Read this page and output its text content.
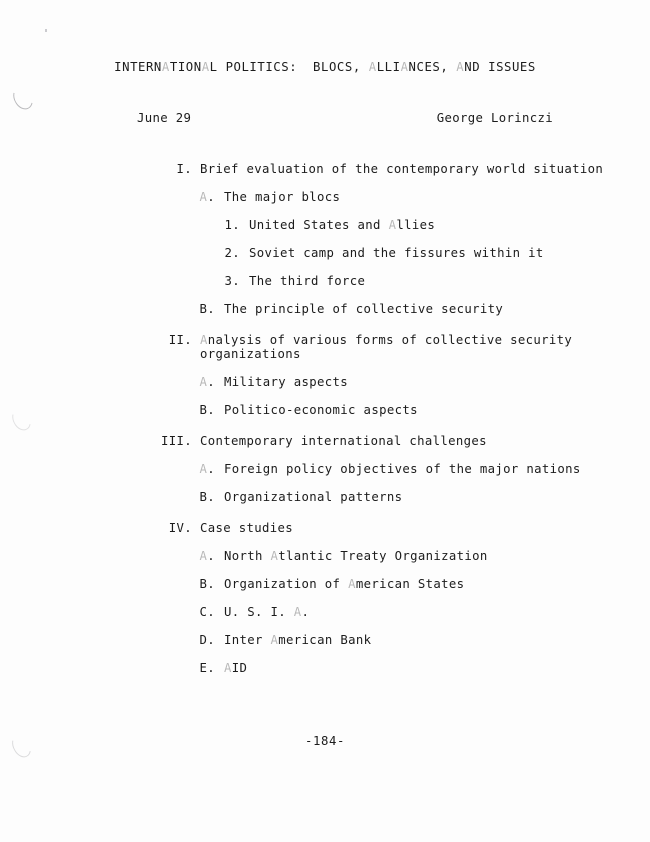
INTERNATIONAL POLITICS:  BLOCS, ALLIANCES, AND ISSUES
June 29	George Lorinczi
I. Brief evaluation of the contemporary world situation
A. The major blocs
1. United States and Allies
2. Soviet camp and the fissures within it
3. The third force
B. The principle of collective security
II. Analysis of various forms of collective security
organizations
A. Military aspects
B. Politico-economic aspects
III. Contemporary international challenges
A. Foreign policy objectives of the major nations
B. Organizational patterns
IV. Case studies
A. North Atlantic Treaty Organization
B. Organization of American States
C. U. S. I. A.
D. Inter American Bank
E. AID
-184-
